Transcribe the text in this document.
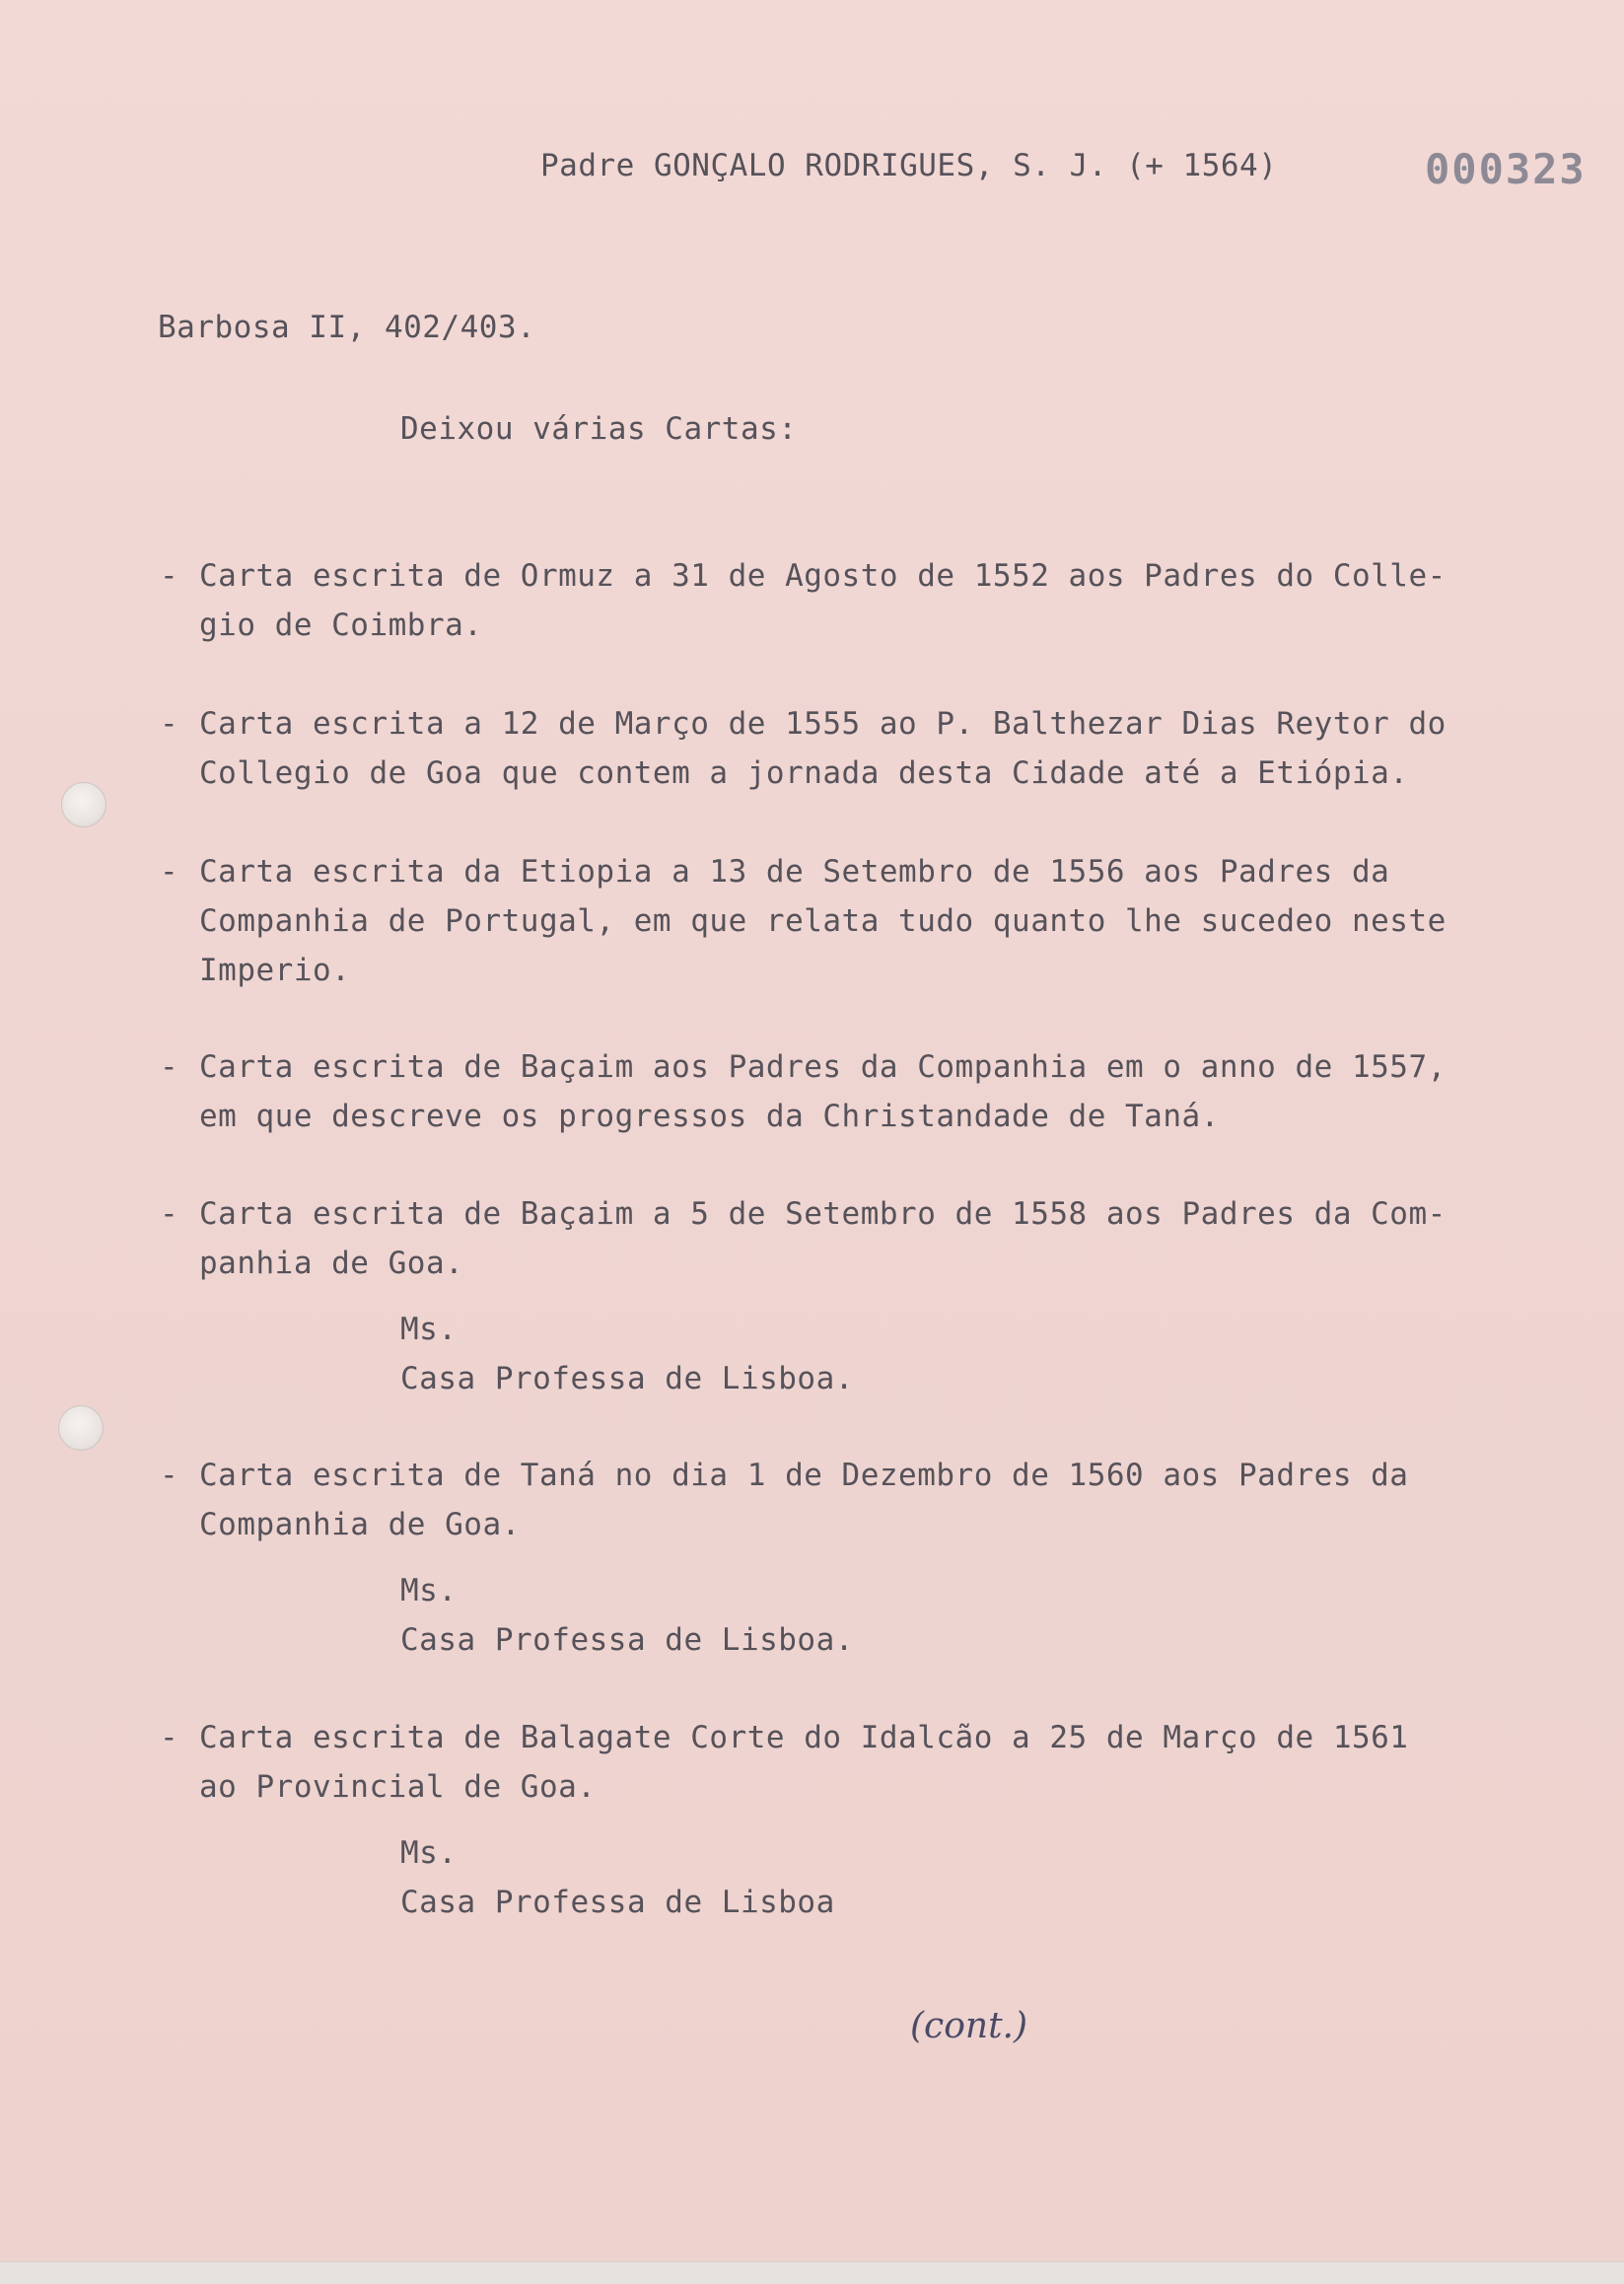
Padre GONÇALO RODRIGUES, S. J. (+ 1564)	000323
Barbosa II, 402/403.
Deixou várias Cartas:
- Carta escrita de Ormuz a 31 de Agosto de 1552 aos Padres do Colle-
gio de Coimbra.
- Carta escrita a 12 de Março de 1555 ao P. Balthezar Dias Reytor do
Collegio de Goa que contem a jornada desta Cidade até a Etiópia.
- Carta escrita da Etiopia a 13 de Setembro de 1556 aos Padres da
Companhia de Portugal, em que relata tudo quanto lhe sucedeo neste
Imperio.
- Carta escrita de Baçaim aos Padres da Companhia em o anno de 1557,
em que descreve os progressos da Christandade de Taná.
- Carta escrita de Baçaim a 5 de Setembro de 1558 aos Padres da Com-
panhia de Goa.
Ms.
Casa Professa de Lisboa.
- Carta escrita de Taná no dia 1 de Dezembro de 1560 aos Padres da
Companhia de Goa.
Ms.
Casa Professa de Lisboa.
- Carta escrita de Balagate Corte do Idalcão a 25 de Março de 1561
ao Provincial de Goa.
Ms.
Casa Professa de Lisboa
(cont.)
